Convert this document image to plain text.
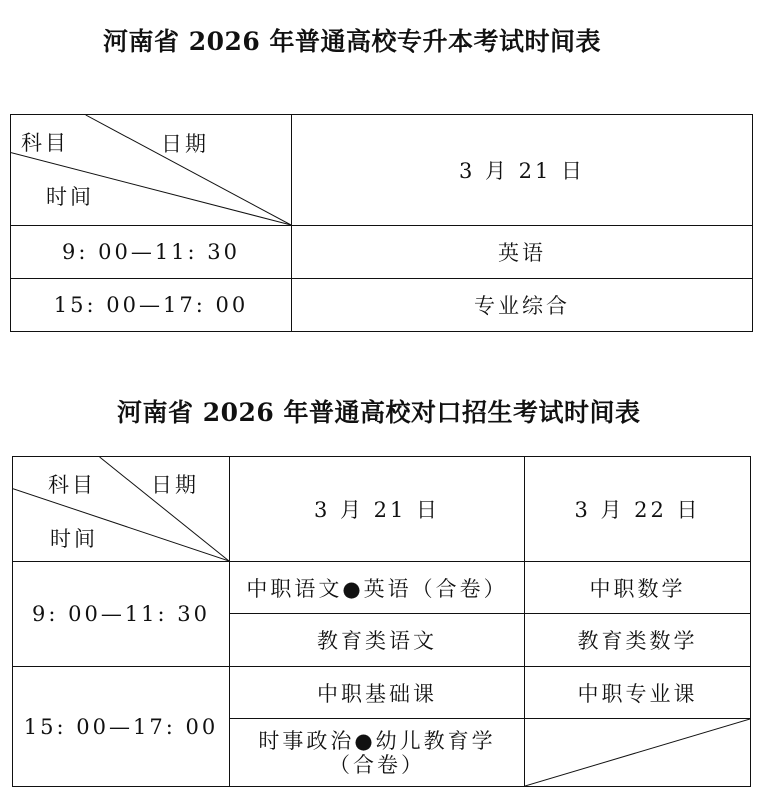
河南省 2026 年普通高校专升本考试时间表
科目 日期
时间	3 月 21 日
9: 00—11: 30	英语
15: 00—17: 00	专业综合
河南省 2026 年普通高校对口招生考试时间表
科目 日期
时间	3 月 21 日	3 月 22 日
9: 00—11: 30	中职语文●英语（合卷）	中职数学
	教育类语文	教育类数学
15: 00—17: 00	中职基础课	中职专业课

	时事政治●幼儿教育学
（合卷）
